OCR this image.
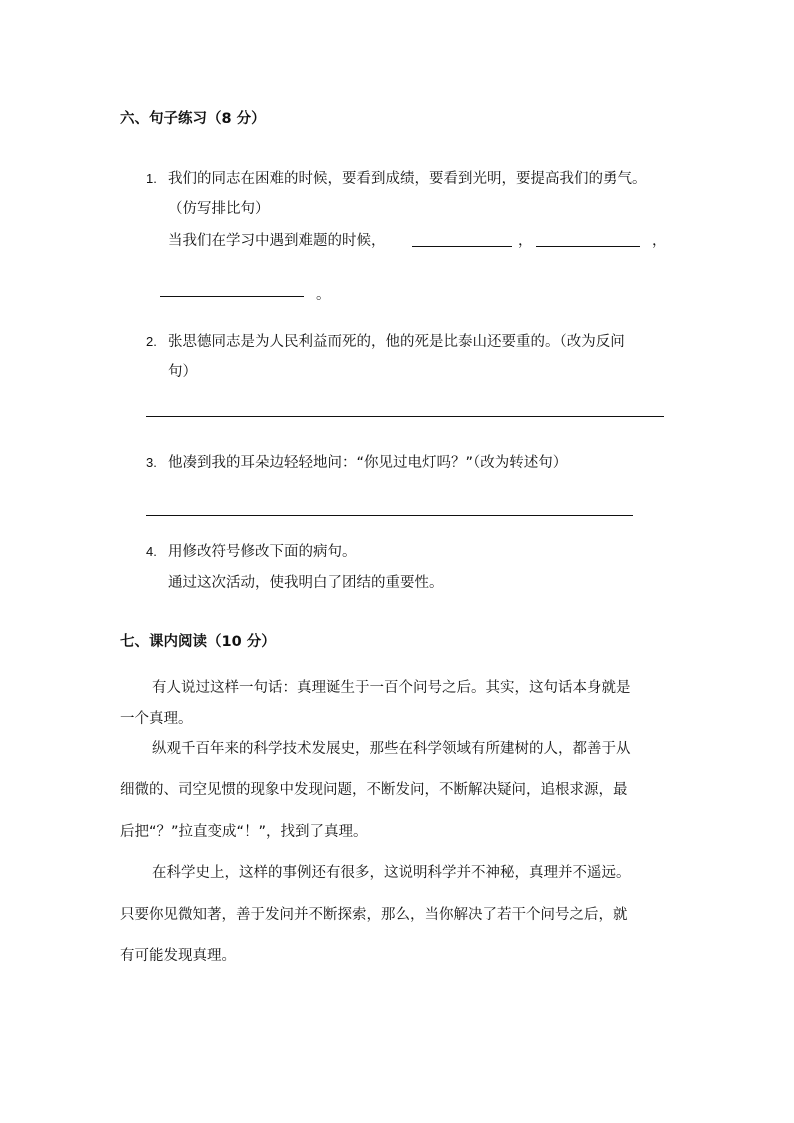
六、句子练习（8 分）
1. 我们的同志在困难的时候，要看到成绩，要看到光明，要提高我们的勇气。
（仿写排比句）
当我们在学习中遇到难题的时候，	，	，
。
2. 张思德同志是为人民利益而死的，他的死是比泰山还要重的。（改为反问
句）
3. 他凑到我的耳朵边轻轻地问：“你见过电灯吗？”（改为转述句）
4. 用修改符号修改下面的病句。
通过这次活动，使我明白了团结的重要性。
七、课内阅读（10 分）
有人说过这样一句话：真理诞生于一百个问号之后。其实，这句话本身就是
一个真理。
纵观千百年来的科学技术发展史，那些在科学领域有所建树的人，都善于从
细微的、司空见惯的现象中发现问题，不断发问，不断解决疑问，追根求源，最
后把“？”拉直变成“！”，找到了真理。
在科学史上，这样的事例还有很多，这说明科学并不神秘，真理并不遥远。
只要你见微知著，善于发问并不断探索，那么，当你解决了若干个问号之后，就
有可能发现真理。
